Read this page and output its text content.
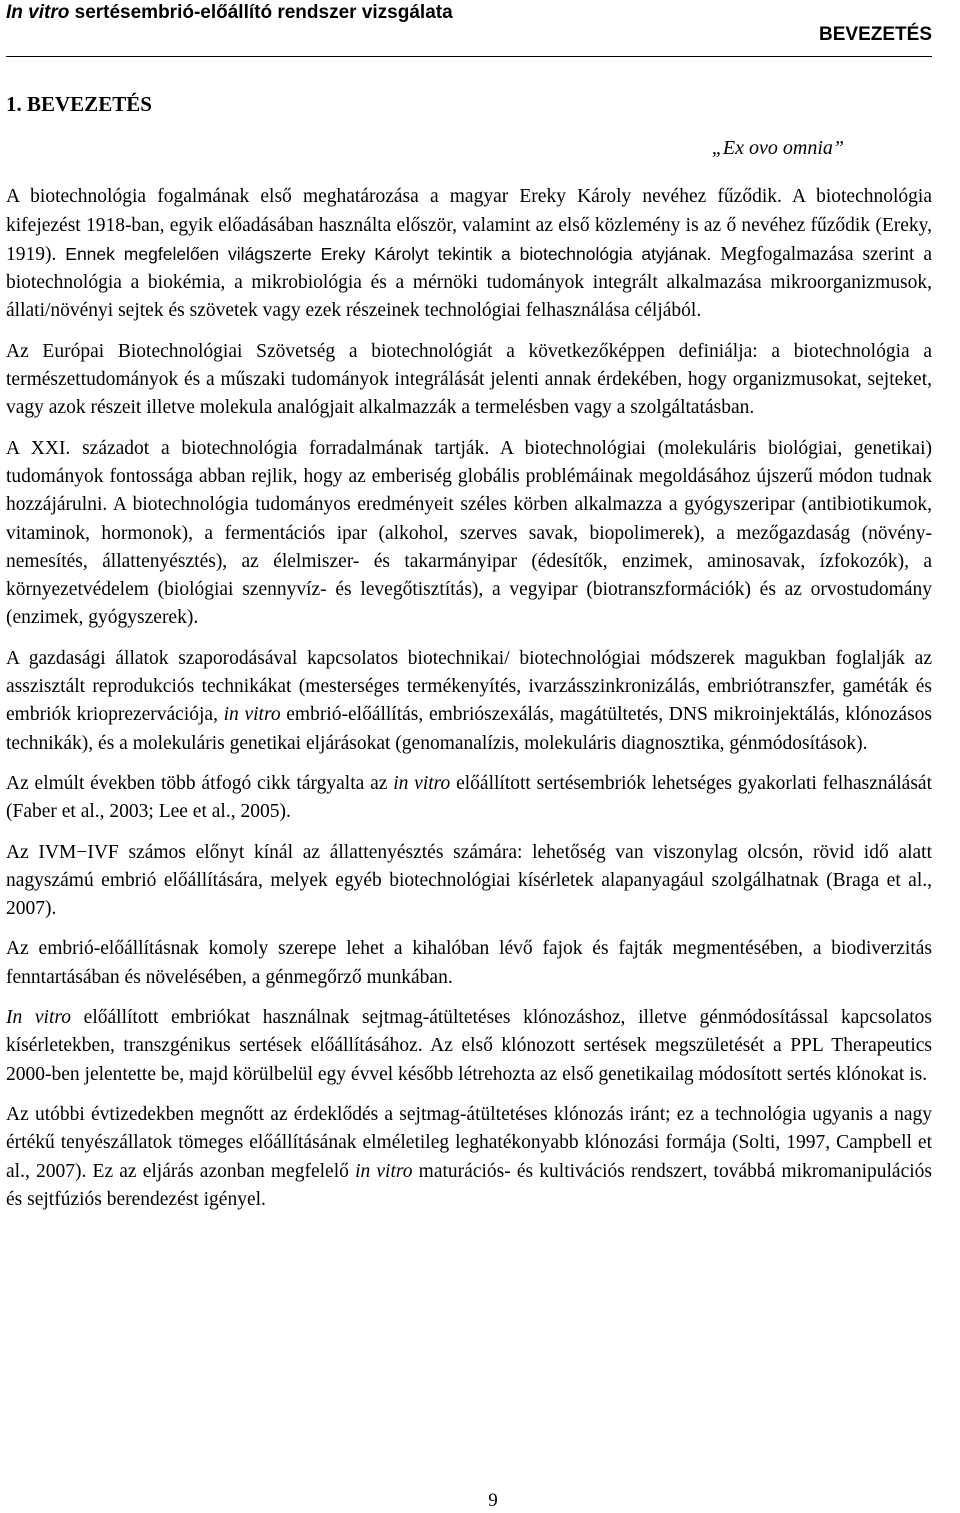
In vitro sertésembrió-előállító rendszer vizsgálata
BEVEZETÉS
1. BEVEZETÉS
„Ex ovo omnia”

A biotechnológia fogalmának első meghatározása a magyar Ereky Károly nevéhez fűződik. A biotechnológia kifejezést 1918-ban, egyik előadásában használta először, valamint az első közlemény is az ő nevéhez fűződik (Ereky, 1919). Ennek megfelelően világszerte Ereky Károlyt tekintik a biotechnológia atyjának. Megfogalmazása szerint a biotechnológia a biokémia, a mikrobiológia és a mérnöki tudományok integrált alkalmazása mikroorganizmusok, állati/növényi sejtek és szövetek vagy ezek részeinek technológiai felhasználása céljából.

Az Európai Biotechnológiai Szövetség a biotechnológiát a következőképpen definiálja: a biotechnológia a természettudományok és a műszaki tudományok integrálását jelenti annak érdekében, hogy organizmusokat, sejteket, vagy azok részeit illetve molekula analógjait alkalmazzák a termelésben vagy a szolgáltatásban.

A XXI. századot a biotechnológia forradalmának tartják. A biotechnológiai (molekuláris biológiai, genetikai) tudományok fontossága abban rejlik, hogy az emberiség globális problémáinak megoldásához újszerű módon tudnak hozzájárulni. A biotechnológia tudományos eredményeit széles körben alkalmazza a gyógyszeripar (antibiotikumok, vitaminok, hormonok), a fermentációs ipar (alkohol, szerves savak, biopolimerek), a mezőgazdaság (növénynemesítés, állattenyésztés), az élelmiszer- és takarmányipar (édesítők, enzimek, aminosavak, ízfokozók), a környezetvédelem (biológiai szennyvíz- és levegőtisztítás), a vegyipar (biotranszformációk) és az orvostudomány (enzimek, gyógyszerek).

A gazdasági állatok szaporodásával kapcsolatos biotechnikai/ biotechnológiai módszerek magukban foglalják az asszisztált reprodukciós technikákat (mesterséges termékenyítés, ivarzásszinkronizálás, embriótranszfer, gaméták és embriók krioprezervációja, in vitro embrió-előállítás, embriószexálás, magátültetés, DNS mikroinjektálás, klónozásos technikák), és a molekuláris genetikai eljárásokat (genomanalízis, molekuláris diagnosztika, génmódosítások).

Az elmúlt években több átfogó cikk tárgyalta az in vitro előállított sertésembriók lehetséges gyakorlati felhasználását (Faber et al., 2003; Lee et al., 2005).

Az IVM−IVF számos előnyt kínál az állattenyésztés számára: lehetőség van viszonylag olcsón, rövid idő alatt nagyszámú embrió előállítására, melyek egyéb biotechnológiai kísérletek alapanyagául szolgálhatnak (Braga et al., 2007).

Az embrió-előállításnak komoly szerepe lehet a kihalóban lévő fajok és fajták megmentésében, a biodiverzitás fenntartásában és növelésében, a génmegőrző munkában.

In vitro előállított embriókat használnak sejtmag-átültetéses klónozáshoz, illetve génmódosítással kapcsolatos kísérletekben, transzgénikus sertések előállításához. Az első klónozott sertések megszületését a PPL Therapeutics 2000-ben jelentette be, majd körülbelül egy évvel később létrehozta az első genetikailag módosított sertés klónokat is.

Az utóbbi évtizedekben megnőtt az érdeklődés a sejtmag-átültetéses klónozás iránt; ez a technológia ugyanis a nagy értékű tenyészállatok tömeges előállításának elméletileg leghatékonyabb klónozási formája (Solti, 1997, Campbell et al., 2007). Ez az eljárás azonban megfelelő in vitro maturációs- és kultivációs rendszert, továbbá mikromanipulációs és sejtfúziós berendezést igényel.

9
